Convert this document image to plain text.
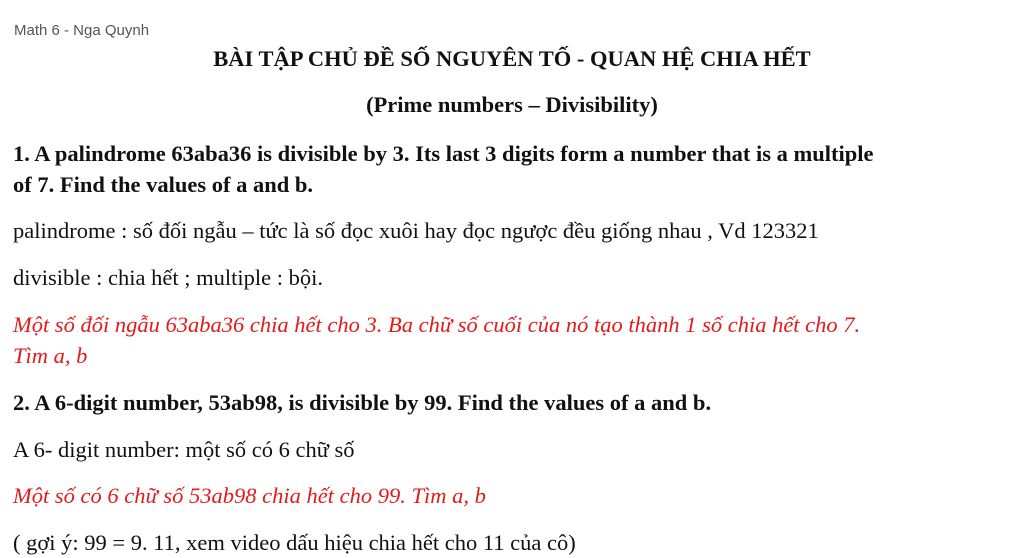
Math 6 - Nga Quynh
BÀI TẬP CHỦ ĐỀ SỐ NGUYÊN TỐ - QUAN HỆ CHIA HẾT
(Prime numbers – Divisibility)
1. A palindrome 63aba36 is divisible by 3. Its last 3 digits form a number that is a multiple
of 7. Find the values of a and b.
palindrome : số đối ngẫu – tức là số đọc xuôi hay đọc ngược đều giống nhau , Vd 123321
divisible : chia hết ; multiple : bội.
Một số đối ngẫu 63aba36 chia hết cho 3. Ba chữ số cuối của nó tạo thành 1 số chia hết cho 7.
Tìm a, b
2. A 6-digit number, 53ab98, is divisible by 99. Find the values of a and b.
A 6- digit number: một số có 6 chữ số
Một số có 6 chữ số 53ab98 chia hết cho 99. Tìm a, b
( gợi ý: 99 = 9. 11, xem video dấu hiệu chia hết cho 11 của cô)
